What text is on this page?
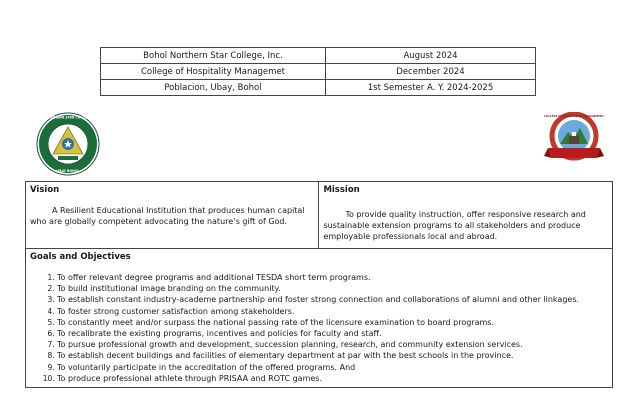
Bohol Northern Star College, Inc.	August 2024
College of Hospitality Managemet	December 2024
Poblacion, Ubay, Bohol	1st Semester A. Y. 2024-2025
NORTHERN STAR COLLEGE
UBAY BOHOL
COLLEGE OF HOSPITALITY MANAGEMENT
Vision
A Resilient Educational Institution that produces human capital who are globally competent advocating the nature’s gift of God.

Mission
To provide quality instruction, offer responsive research and sustainable extension programs to all stakeholders and produce employable professionals local and abroad.

Goals and Objectives
1. To offer relevant degree programs and additional TESDA short term programs.
2. To build institutional image branding on the community.
3. To establish constant industry-academe partnership and foster strong connection and collaborations of alumni and other linkages.
4. To foster strong customer satisfaction among stakeholders.
5. To constantly meet and/or surpass the national passing rate of the licensure examination to board programs.
6. To recalibrate the existing programs, incentives and policies for faculty and staff.
7. To pursue professional growth and development, succession planning, research, and community extension services.
8. To establish decent buildings and facilities of elementary department at par with the best schools in the province.
9. To voluntarily participate in the accreditation of the offered programs. And
10. To produce professional athlete through PRISAA and ROTC games.
